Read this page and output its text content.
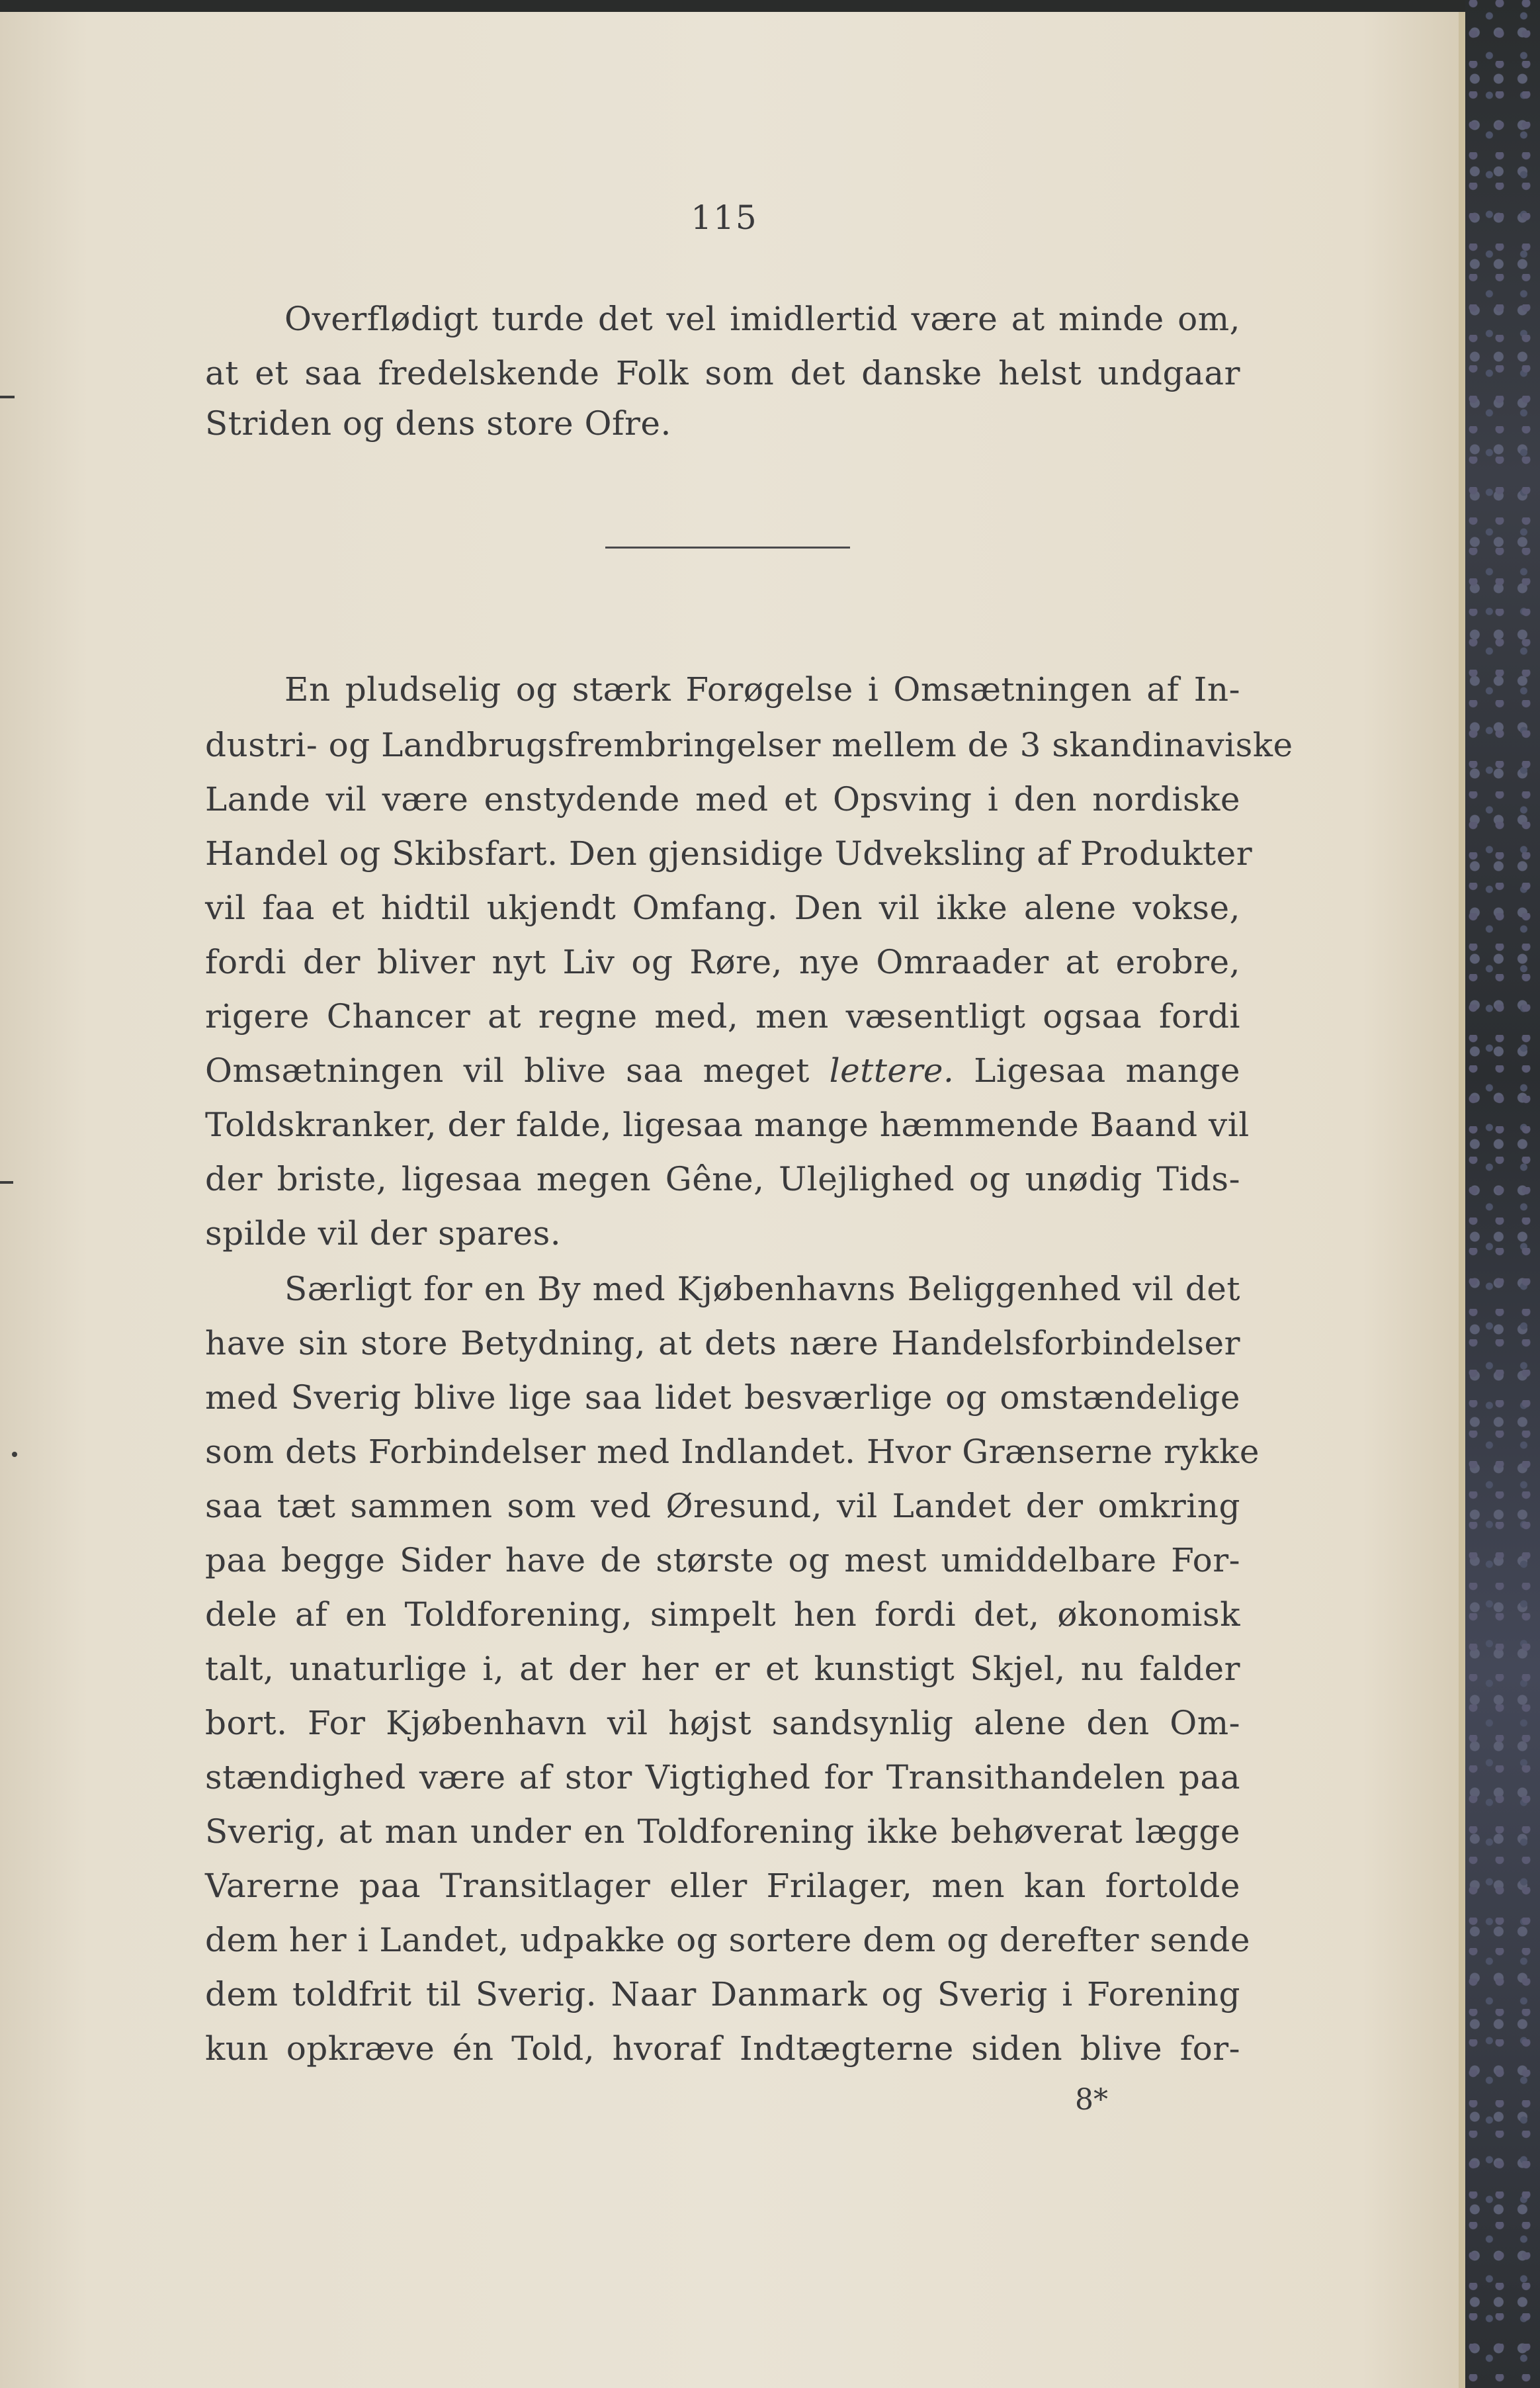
115
Overflødigt turde det vel imidlertid være at minde om,
at et saa fredelskende Folk som det danske helst undgaar
Striden og dens store Ofre.
En pludselig og stærk Forøgelse i Omsætningen af In-
dustri- og Landbrugsfrembringelser mellem de 3 skandinaviske
Lande vil være enstydende med et Opsving i den nordiske
Handel og Skibsfart. Den gjensidige Udveksling af Produkter
vil faa et hidtil ukjendt Omfang. Den vil ikke alene vokse,
fordi der bliver nyt Liv og Røre, nye Omraader at erobre,
rigere Chancer at regne med, men væsentligt ogsaa fordi
Omsætningen vil blive saa meget lettere. Ligesaa mange
Toldskranker, der falde, ligesaa mange hæmmende Baand vil
der briste, ligesaa megen Gêne, Ulejlighed og unødig Tids-
spilde vil der spares.
Særligt for en By med Kjøbenhavns Beliggenhed vil det
have sin store Betydning, at dets nære Handelsforbindelser
med Sverig blive lige saa lidet besværlige og omstændelige
som dets Forbindelser med Indlandet. Hvor Grænserne rykke
saa tæt sammen som ved Øresund, vil Landet der omkring
paa begge Sider have de største og mest umiddelbare For-
dele af en Toldforening, simpelt hen fordi det, økonomisk
talt, unaturlige i, at der her er et kunstigt Skjel, nu falder
bort. For Kjøbenhavn vil højst sandsynlig alene den Om-
stændighed være af stor Vigtighed for Transithandelen paa
Sverig, at man under en Toldforening ikke behøverat lægge
Varerne paa Transitlager eller Frilager, men kan fortolde
dem her i Landet, udpakke og sortere dem og derefter sende
dem toldfrit til Sverig. Naar Danmark og Sverig i Forening
kun opkræve én Told, hvoraf Indtægterne siden blive for-
8*
